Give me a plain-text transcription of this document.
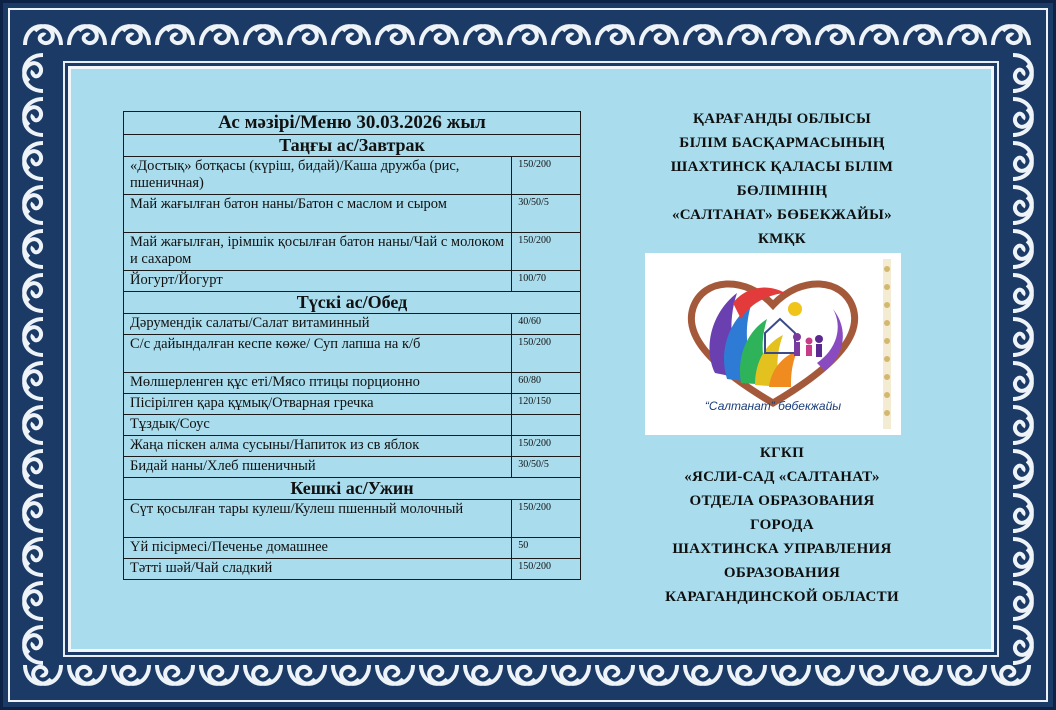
Ас мәзірі/Меню 30.03.2026 жыл	
Таңғы ас/Завтрак	
«Достық» ботқасы (күріш, бидай)/Каша дружба (рис, пшеничная)	150/200
Май жағылған батон наны/Батон с маслом и сыром	30/50/5
Май жағылған, ірімшік қосылған батон наны/Чай с молоком и сахаром	150/200
Йогурт/Йогурт	100/70
Түскі ас/Обед	
Дәрумендік салаты/Салат витаминный	40/60
С/с дайындалған кеспе көже/ Суп лапша на к/б	150/200
Мөлшерленген құс еті/Мясо птицы порционно	60/80
Пісірілген қара құмық/Отварная гречка	120/150
Тұздық/Соус	
Жаңа піскен алма сусыны/Напиток из св яблок	150/200
Бидай наны/Хлеб пшеничный	30/50/5
Кешкі ас/Ужин	
Сүт қосылған тары кулеш/Кулеш пшенный молочный	150/200
Үй пісірмесі/Печенье домашнее	50
Тәтті шәй/Чай сладкий	150/200
ҚАРАҒАНДЫ ОБЛЫСЫ
БІЛІМ БАСҚАРМАСЫНЫҢ
ШАХТИНСК ҚАЛАСЫ БІЛІМ
БӨЛІМІНІҢ
«САЛТАНАТ» БӨБЕКЖАЙЫ»
КМҚК
“Салтанат” бөбекжайы
КГКП
«ЯСЛИ-САД «САЛТАНАТ»
ОТДЕЛА ОБРАЗОВАНИЯ
ГОРОДА
ШАХТИНСКА УПРАВЛЕНИЯ
ОБРАЗОВАНИЯ
КАРАГАНДИНСКОЙ ОБЛАСТИ
